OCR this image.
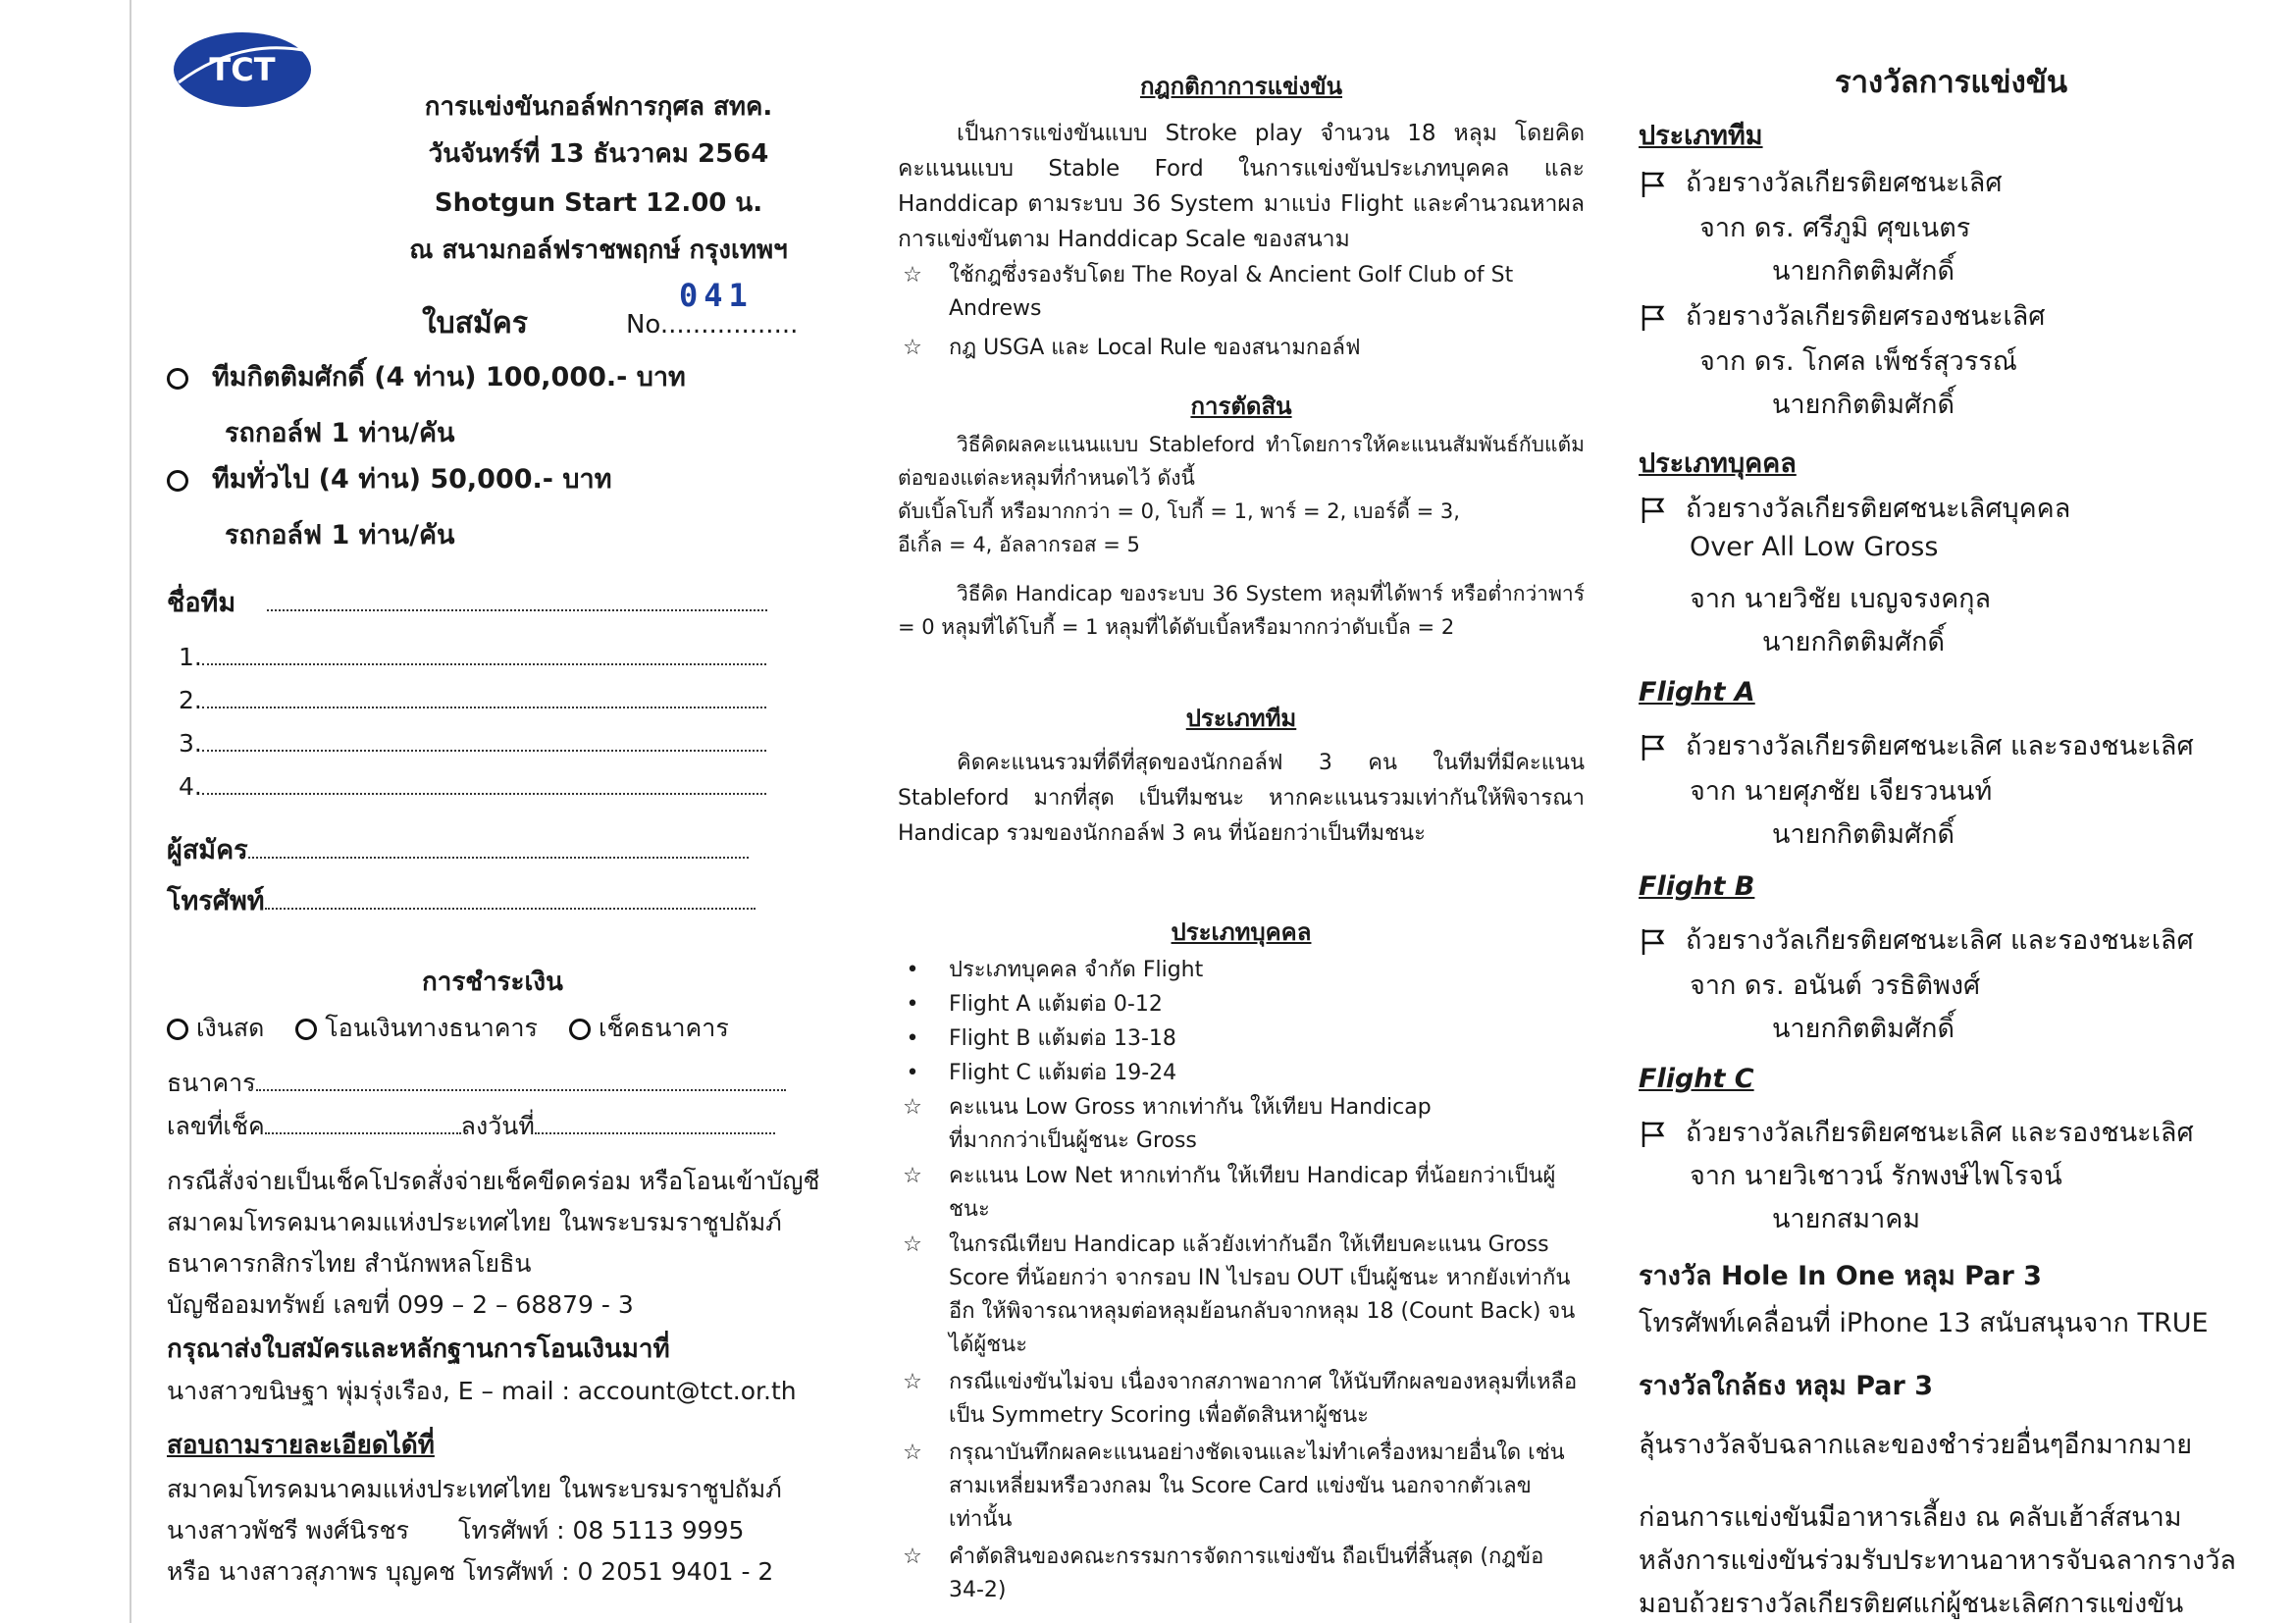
TCT
การแข่งขันกอล์ฟการกุศล สทค.
วันจันทร์ที่ 13 ธันวาคม 2564
Shotgun Start 12.00 น.
ณ สนามกอล์ฟราชพฤกษ์ กรุงเทพฯ
041
ใบสมัคร	No.................
ทีมกิตติมศักดิ์ (4 ท่าน) 100,000.- บาท
รถกอล์ฟ 1 ท่าน/คัน
ทีมทั่วไป (4 ท่าน) 50,000.- บาท
รถกอล์ฟ 1 ท่าน/คัน
ชื่อทีม
1.
2.
3.
4.
ผู้สมัคร
โทรศัพท์
การชำระเงิน
เงินสด โอนเงินทางธนาคาร เช็คธนาคาร
ธนาคาร
เลขที่เช็ค	ลงวันที่
กรณีสั่งจ่ายเป็นเช็คโปรดสั่งจ่ายเช็คขีดคร่อม หรือโอนเข้าบัญชี
สมาคมโทรคมนาคมแห่งประเทศไทย ในพระบรมราชูปถัมภ์
ธนาคารกสิกรไทย สำนักพหลโยธิน
บัญชีออมทรัพย์ เลขที่ 099 – 2 – 68879 - 3
กรุณาส่งใบสมัครและหลักฐานการโอนเงินมาที่
นางสาวขนิษฐา พุ่มรุ่งเรือง, E – mail : account@tct.or.th
สอบถามรายละเอียดได้ที่
สมาคมโทรคมนาคมแห่งประเทศไทย ในพระบรมราชูปถัมภ์
นางสาวพัชรี พงศ์นิรชร โทรศัพท์ : 08 5113 9995
หรือ นางสาวสุภาพร บุญคช โทรศัพท์ : 0 2051 9401 - 2
กฎกติกาการแข่งขัน
เป็นการแข่งขันแบบ Stroke play จำนวน 18 หลุม โดยคิดคะแนนแบบ Stable Ford ในการแข่งขันประเภทบุคคล และ Handdicap ตามระบบ 36 System มาแบ่ง Flight และคำนวณหาผลการแข่งขันตาม Handdicap Scale ของสนาม
☆ ใช้กฎซึ่งรองรับโดย The Royal & Ancient Golf Club of St Andrews
☆ กฎ USGA และ Local Rule ของสนามกอล์ฟ
การตัดสิน
วิธีคิดผลคะแนนแบบ Stableford ทำโดยการให้คะแนนสัมพันธ์กับแต้มต่อของแต่ละหลุมที่กำหนดไว้ ดังนี้
ดับเบิ้ลโบกี้ หรือมากกว่า = 0, โบกี้ = 1, พาร์ = 2, เบอร์ดี้ = 3,
อีเกิ้ล = 4, อัลลากรอส = 5
วิธีคิด Handicap ของระบบ 36 System หลุมที่ได้พาร์ หรือต่ำกว่าพาร์ = 0 หลุมที่ได้โบกี้ = 1 หลุมที่ได้ดับเบิ้ลหรือมากกว่าดับเบิ้ล = 2
ประเภททีม
คิดคะแนนรวมที่ดีที่สุดของนักกอล์ฟ 3 คน ในทีมที่มีคะแนน Stableford มากที่สุด เป็นทีมชนะ หากคะแนนรวมเท่ากันให้พิจารณา Handicap รวมของนักกอล์ฟ 3 คน ที่น้อยกว่าเป็นทีมชนะ
ประเภทบุคคล
•	ประเภทบุคคล จำกัด Flight
•	Flight A แต้มต่อ 0-12
•	Flight B แต้มต่อ 13-18
•	Flight C แต้มต่อ 19-24
☆ คะแนน Low Gross หากเท่ากัน ให้เทียบ Handicap ที่มากกว่าเป็นผู้ชนะ Gross
☆ คะแนน Low Net หากเท่ากัน ให้เทียบ Handicap ที่น้อยกว่าเป็นผู้ชนะ
☆ ในกรณีเทียบ Handicap แล้วยังเท่ากันอีก ให้เทียบคะแนน Gross Score ที่น้อยกว่า จากรอบ IN ไปรอบ OUT เป็นผู้ชนะ หากยังเท่ากันอีก ให้พิจารณาหลุมต่อหลุมย้อนกลับจากหลุม 18 (Count Back) จนได้ผู้ชนะ
☆ กรณีแข่งขันไม่จบ เนื่องจากสภาพอากาศ ให้นับทึกผลของหลุมที่เหลือเป็น Symmetry Scoring เพื่อตัดสินหาผู้ชนะ
☆ กรุณาบันทึกผลคะแนนอย่างชัดเจนและไม่ทำเครื่องหมายอื่นใด เช่น สามเหลี่ยมหรือวงกลม ใน Score Card แข่งขัน นอกจากตัวเลขเท่านั้น
☆ คำตัดสินของคณะกรรมการจัดการแข่งขัน ถือเป็นที่สิ้นสุด (กฎข้อ 34-2)
รางวัลการแข่งขัน
ประเภททีม
ถ้วยรางวัลเกียรติยศชนะเลิศ
จาก ดร. ศรีภูมิ ศุขเนตร
นายกกิตติมศักดิ์
ถ้วยรางวัลเกียรติยศรองชนะเลิศ
จาก ดร. โกศล เพ็ชร์สุวรรณ์
นายกกิตติมศักดิ์
ประเภทบุคคล
ถ้วยรางวัลเกียรติยศชนะเลิศบุคคล
Over All Low Gross
จาก นายวิชัย เบญจรงคกุล
นายกกิตติมศักดิ์
Flight A
ถ้วยรางวัลเกียรติยศชนะเลิศ และรองชนะเลิศ
จาก นายศุภชัย เจียรวนนท์
นายกกิตติมศักดิ์
Flight B
ถ้วยรางวัลเกียรติยศชนะเลิศ และรองชนะเลิศ
จาก ดร. อนันต์ วรธิติพงศ์
นายกกิตติมศักดิ์
Flight C
ถ้วยรางวัลเกียรติยศชนะเลิศ และรองชนะเลิศ
จาก นายวิเชาวน์ รักพงษ์ไพโรจน์
นายกสมาคม
รางวัล Hole In One หลุม Par 3
โทรศัพท์เคลื่อนที่ iPhone 13 สนับสนุนจาก TRUE
รางวัลใกล้ธง หลุม Par 3
ลุ้นรางวัลจับฉลากและของชำร่วยอื่นๆอีกมากมาย
ก่อนการแข่งขันมีอาหารเลี้ยง ณ คลับเฮ้าส์สนาม
หลังการแข่งขันร่วมรับประทานอาหารจับฉลากรางวัล
มอบถ้วยรางวัลเกียรติยศแก่ผู้ชนะเลิศการแข่งขัน
